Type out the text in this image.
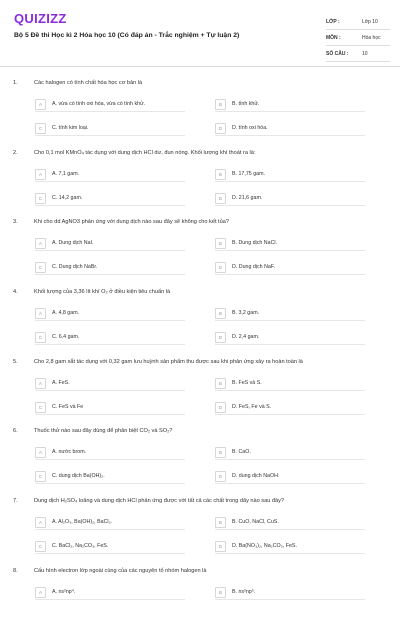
QUIZIZZ
Bộ 5 Đề thi Học kì 2 Hóa học 10 (Có đáp án - Trắc nghiệm + Tự luận 2)
LỚP :	Lớp 10
MÔN :	Hóa học
SỐ CÂU :	10
1.	Các halogen có tính chất hóa học cơ bản là
A	A. vừa có tính oxi hóa, vừa có tính khử.	B	B. tính khử.
C	C. tính kim loại.	D	D. tính oxi hóa.
2.	Cho 0,1 mol KMnO₄ tác dụng với dung dịch HCl dư, đun nóng. Khối lượng khí thoát ra là:
A	A. 7,1 gam.	B	B. 17,75 gam.
C	C. 14,2 gam.	D	D. 21,6 gam.
3.	Khi cho dd AgNO3 phản ứng với dung dịch nào sau đây sẽ không cho kết tủa?
A	A. Dung dịch NaI.	B	B. Dung dịch NaCl.
C	C. Dung dịch NaBr.	D	D. Dung dịch NaF.
4.	Khối lượng của 3,36 lít khí O₂ ở điều kiện tiêu chuẩn là
A	A. 4,8 gam.	B	B. 3,2 gam.
C	C. 6,4 gam.	D	D. 2,4 gam.
5.	Cho 2,8 gam sắt tác dụng với 0,32 gam lưu huỳnh sản phẩm thu được sau khi phản ứng xảy ra hoàn toàn là
A	A. FeS.	B	B. FeS và S.
C	C. FeS và Fe	D	D. FeS, Fe và S.
6.	Thuốc thử nào sau đây dùng để phân biệt CO₂ và SO₂?
A	A. nước brom.	B	B. CaO.
C	C. dung dịch Ba(OH)₂.	D	D. dung dịch NaOH.
7.	Dung dịch H₂SO₄ loãng và dung dịch HCl phản ứng được với tất cả các chất trong dãy nào sau đây?
A	A. Al₂O₃, Ba(OH)₂, BaCl₂.	B	B. CuO, NaCl, CuS.
C	C. BaCl₂, Na₂CO₃, FeS.	D	D. Ba(NO₃)₂, Na₂CO₃, FeS.
8.	Cấu hình electron lớp ngoài cùng của các nguyên tố nhóm halogen là
A	A. ns²np⁴.	B	B. ns²np⁵.
